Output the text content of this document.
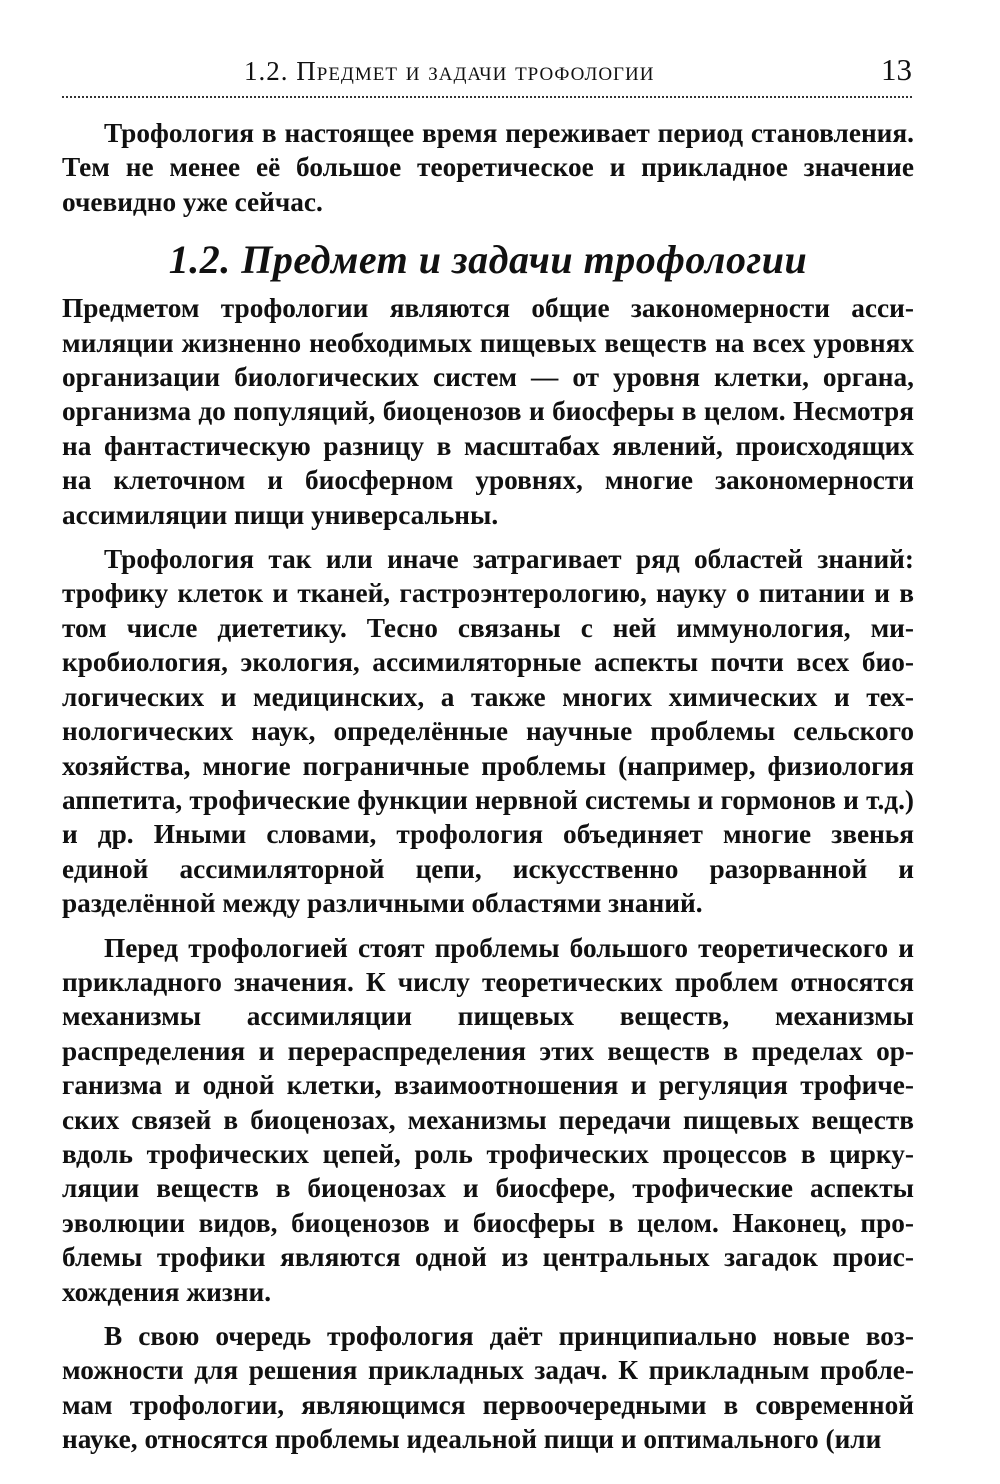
1.2. Предмет и задачи трофологии	13

Трофология в настоящее время переживает период становления. Тем не менее её большое теоретическое и прикладное значение очевидно уже сейчас.

1.2. Предмет и задачи трофологии

Предметом трофологии являются общие закономерности ассимиляции жизненно необходимых пищевых веществ на всех уровнях организации биологических систем — от уровня клетки, органа, организма до популяций, биоценозов и биосферы в целом. Несмотря на фантастическую разницу в масштабах явлений, происходящих на клеточном и биосферном уровнях, многие закономерности ассимиляции пищи универсальны.

Трофология так или иначе затрагивает ряд областей знаний: трофику клеток и тканей, гастроэнтерологию, науку о питании и в том числе диететику. Тесно связаны с ней иммунология, микробиология, экология, ассимиляторные аспекты почти всех биологических и медицинских, а также многих химических и технологических наук, определённые научные проблемы сельского хозяйства, многие пограничные проблемы (например, физиология аппетита, трофические функции нервной системы и гормонов и т.д.) и др. Иными словами, трофология объединяет многие звенья единой ассимиляторной цепи, искусственно разорванной и разделённой между различными областями знаний.

Перед трофологией стоят проблемы большого теоретического и прикладного значения. К числу теоретических проблем относятся механизмы ассимиляции пищевых веществ, механизмы распределения и перераспределения этих веществ в пределах организма и одной клетки, взаимоотношения и регуляция трофических связей в биоценозах, механизмы передачи пищевых веществ вдоль трофических цепей, роль трофических процессов в циркуляции веществ в биоценозах и биосфере, трофические аспекты эволюции видов, биоценозов и биосферы в целом. Наконец, проблемы трофики являются одной из центральных загадок происхождения жизни.

В свою очередь трофология даёт принципиально новые возможности для решения прикладных задач. К прикладным проблемам трофологии, являющимся первоочередными в современной науке, относятся проблемы идеальной пищи и оптимального (или
